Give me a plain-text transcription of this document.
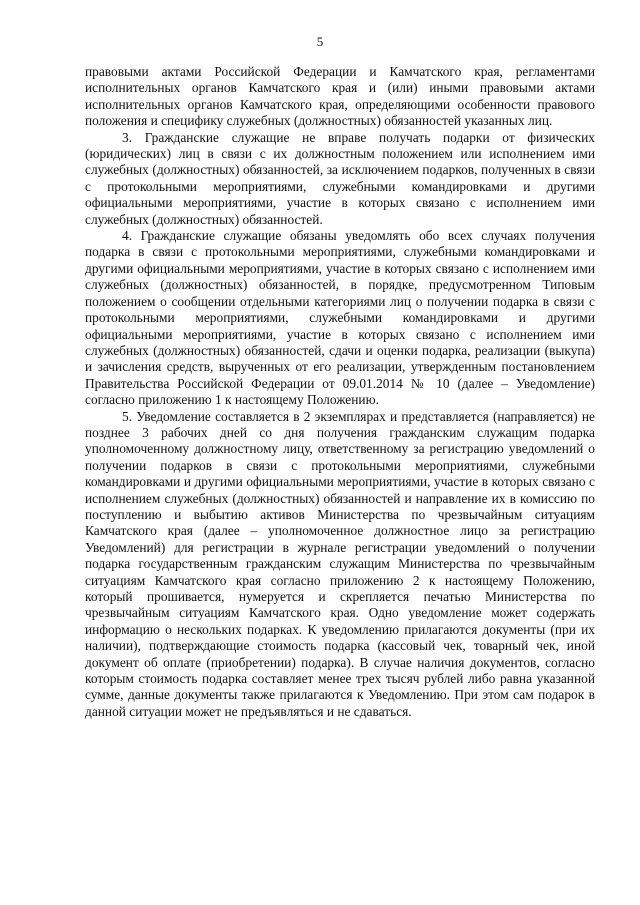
5

правовыми актами Российской Федерации и Камчатского края, регламентами исполнительных органов Камчатского края и (или) иными правовыми актами исполнительных органов Камчатского края, определяющими особенности правового положения и специфику служебных (должностных) обязанностей указанных лиц.

3. Гражданские служащие не вправе получать подарки от физических (юридических) лиц в связи с их должностным положением или исполнением ими служебных (должностных) обязанностей, за исключением подарков, полученных в связи с протокольными мероприятиями, служебными командировками и другими официальными мероприятиями, участие в которых связано с исполнением ими служебных (должностных) обязанностей.

4. Гражданские служащие обязаны уведомлять обо всех случаях получения подарка в связи с протокольными мероприятиями, служебными командировками и другими официальными мероприятиями, участие в которых связано с исполнением ими служебных (должностных) обязанностей, в порядке, предусмотренном Типовым положением о сообщении отдельными категориями лиц о получении подарка в связи с протокольными мероприятиями, служебными командировками и другими официальными мероприятиями, участие в которых связано с исполнением ими служебных (должностных) обязанностей, сдачи и оценки подарка, реализации (выкупа) и зачисления средств, вырученных от его реализации, утвержденным постановлением Правительства Российской Федерации от 09.01.2014 № 10 (далее – Уведомление) согласно приложению 1 к настоящему Положению.

5. Уведомление составляется в 2 экземплярах и представляется (направляется) не позднее 3 рабочих дней со дня получения гражданским служащим подарка уполномоченному должностному лицу, ответственному за регистрацию уведомлений о получении подарков в связи с протокольными мероприятиями, служебными командировками и другими официальными мероприятиями, участие в которых связано с исполнением служебных (должностных) обязанностей и направление их в комиссию по поступлению и выбытию активов Министерства по чрезвычайным ситуациям Камчатского края (далее – уполномоченное должностное лицо за регистрацию Уведомлений) для регистрации в журнале регистрации уведомлений о получении подарка государственным гражданским служащим Министерства по чрезвычайным ситуациям Камчатского края согласно приложению 2 к настоящему Положению, который прошивается, нумеруется и скрепляется печатью Министерства по чрезвычайным ситуациям Камчатского края. Одно уведомление может содержать информацию о нескольких подарках. К уведомлению прилагаются документы (при их наличии), подтверждающие стоимость подарка (кассовый чек, товарный чек, иной документ об оплате (приобретении) подарка). В случае наличия документов, согласно которым стоимость подарка составляет менее трех тысяч рублей либо равна указанной сумме, данные документы также прилагаются к Уведомлению. При этом сам подарок в данной ситуации может не предъявляться и не сдаваться.
